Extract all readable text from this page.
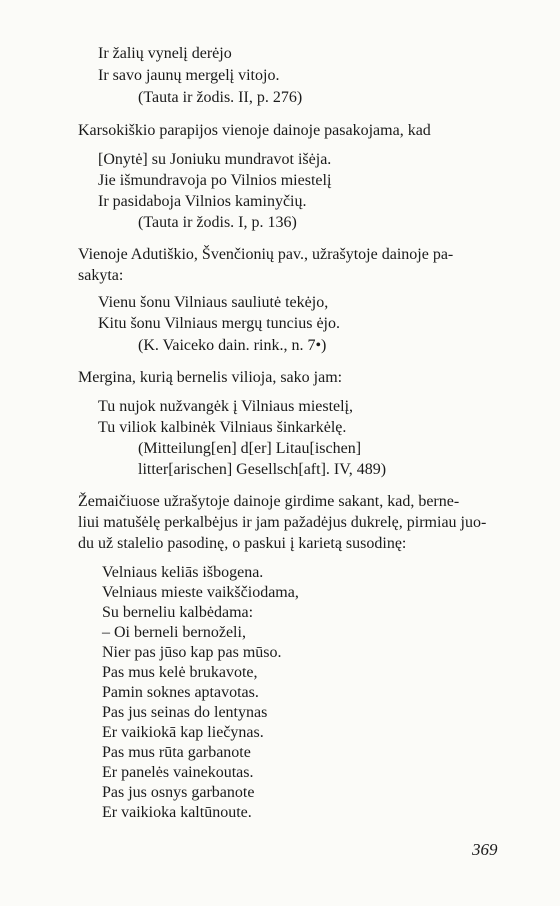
Ir žalių vynelį derėjo
Ir savo jaunų mergelį vitojo.
(Tauta ir žodis. II, p. 276)
Karsokiškio parapijos vienoje dainoje pasakojama, kad
[Onytė] su Joniuku mundravot išėja.
Jie išmundravoja po Vilnios miestelį
Ir pasidaboja Vilnios kaminyčių.
(Tauta ir žodis. I, p. 136)
Vienoje Adutiškio, Švenčionių pav., užrašytoje dainoje pa-
sakyta:
Vienu šonu Vilniaus sauliutė tekėjo,
Kitu šonu Vilniaus mergų tuncius ėjo.
(K. Vaiceko dain. rink., n. 7•)
Mergina, kurią bernelis vilioja, sako jam:
Tu nujok nužvangėk į Vilniaus miestelį,
Tu viliok kalbinėk Vilniaus šinkarkėlę.
(Mitteilung[en] d[er] Litau[ischen]
litter[arischen] Gesellsch[aft]. IV, 489)
Žemaičiuose užrašytoje dainoje girdime sakant, kad, berne-
liui matušėlę perkalbėjus ir jam pažadėjus dukrelę, pirmiau juo-
du už stalelio pasodinę, o paskui į karietą susodinę:
Velniaus keliās išbogena.
Velniaus mieste vaikščiodama,
Su berneliu kalbėdama:
– Oi berneli bernoželi,
Nier pas jūso kap pas mūso.
Pas mus kelė brukavote,
Pamin soknes aptavotas.
Pas jus seinas do lentynas
Er vaikiokā kap liečynas.
Pas mus rūta garbanote
Er panelės vainekoutas.
Pas jus osnys garbanote
Er vaikioka kaltūnoute.
369
